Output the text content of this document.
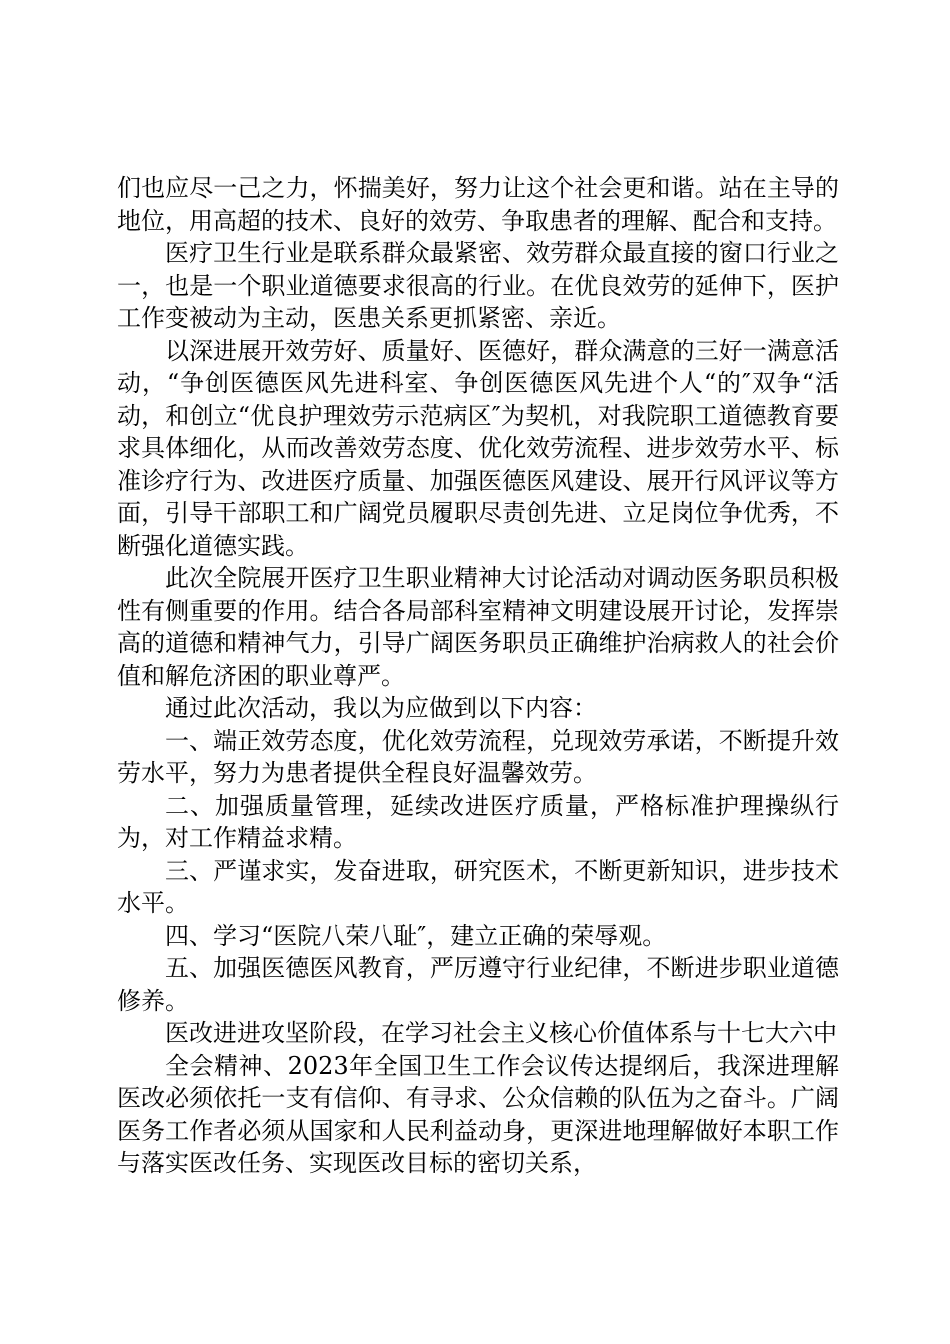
们也应尽一己之力，怀揣美好，努力让这个社会更和谐。站在主导的地位，用高超的技术、良好的效劳、争取患者的理解、配合和支持。

医疗卫生行业是联系群众最紧密、效劳群众最直接的窗口行业之一，也是一个职业道德要求很高的行业。在优良效劳的延伸下，医护工作变被动为主动，医患关系更抓紧密、亲近。

以深进展开效劳好、质量好、医德好，群众满意的三好一满意活动，“争创医德医风先进科室、争创医德医风先进个人“的″双争“活动，和创立“优良护理效劳示范病区″为契机，对我院职工道德教育要求具体细化，从而改善效劳态度、优化效劳流程、进步效劳水平、标准诊疗行为、改进医疗质量、加强医德医风建设、展开行风评议等方面，引导干部职工和广阔党员履职尽责创先进、立足岗位争优秀，不断强化道德实践。

此次全院展开医疗卫生职业精神大讨论活动对调动医务职员积极性有侧重要的作用。结合各局部科室精神文明建设展开讨论，发挥崇高的道德和精神气力，引导广阔医务职员正确维护治病救人的社会价值和解危济困的职业尊严。

通过此次活动，我以为应做到以下内容：

一、端正效劳态度，优化效劳流程，兑现效劳承诺，不断提升效劳水平，努力为患者提供全程良好温馨效劳。

二、加强质量管理，延续改进医疗质量，严格标准护理操纵行为，对工作精益求精。

三、严谨求实，发奋进取，研究医术，不断更新知识，进步技术水平。

四、学习“医院八荣八耻″，建立正确的荣辱观。

五、加强医德医风教育，严厉遵守行业纪律，不断进步职业道德修养。

医改进进攻坚阶段，在学习社会主义核心价值体系与十七大六中

全会精神、2023年全国卫生工作会议传达提纲后，我深进理解医改必须依托一支有信仰、有寻求、公众信赖的队伍为之奋斗。广阔医务工作者必须从国家和人民利益动身，更深进地理解做好本职工作与落实医改任务、实现医改目标的密切关系，
